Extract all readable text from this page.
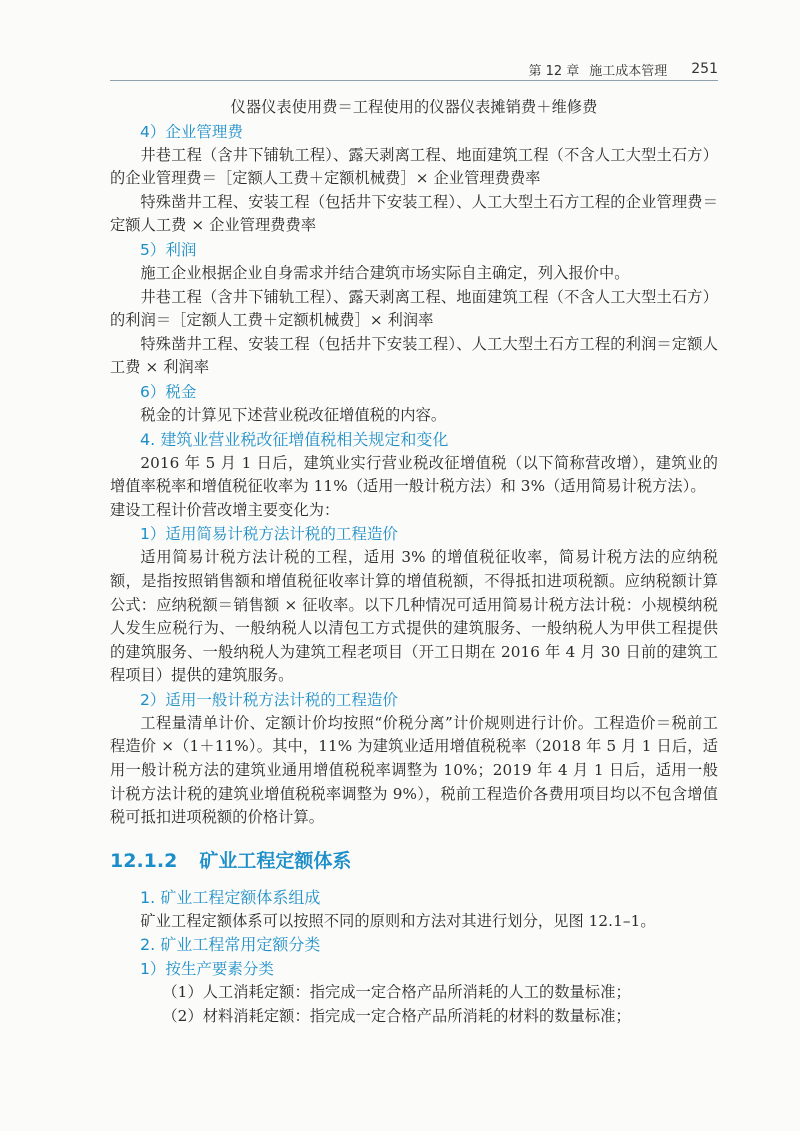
第 12 章 施工成本管理 251

仪器仪表使用费＝工程使用的仪器仪表摊销费＋维修费

4）企业管理费

井巷工程（含井下铺轨工程）、露天剥离工程、地面建筑工程（不含人工大型土石方）的企业管理费＝［定额人工费＋定额机械费］× 企业管理费费率

特殊凿井工程、安装工程（包括井下安装工程）、人工大型土石方工程的企业管理费＝定额人工费 × 企业管理费费率

5）利润

施工企业根据企业自身需求并结合建筑市场实际自主确定，列入报价中。

井巷工程（含井下铺轨工程）、露天剥离工程、地面建筑工程（不含人工大型土石方）的利润＝［定额人工费＋定额机械费］× 利润率

特殊凿井工程、安装工程（包括井下安装工程）、人工大型土石方工程的利润＝定额人工费 × 利润率

6）税金

税金的计算见下述营业税改征增值税的内容。

4. 建筑业营业税改征增值税相关规定和变化

2016 年 5 月 1 日后，建筑业实行营业税改征增值税（以下简称营改增），建筑业的增值率税率和增值税征收率为 11%（适用一般计税方法）和 3%（适用简易计税方法）。

建设工程计价营改增主要变化为：

1）适用简易计税方法计税的工程造价

适用简易计税方法计税的工程，适用 3% 的增值税征收率，简易计税方法的应纳税额，是指按照销售额和增值税征收率计算的增值税额，不得抵扣进项税额。应纳税额计算公式：应纳税额＝销售额 × 征收率。以下几种情况可适用简易计税方法计税：小规模纳税人发生应税行为、一般纳税人以清包工方式提供的建筑服务、一般纳税人为甲供工程提供的建筑服务、一般纳税人为建筑工程老项目（开工日期在 2016 年 4 月 30 日前的建筑工程项目）提供的建筑服务。

2）适用一般计税方法计税的工程造价

工程量清单计价、定额计价均按照“价税分离”计价规则进行计价。工程造价＝税前工程造价 ×（1＋11%）。其中，11% 为建筑业适用增值税税率（2018 年 5 月 1 日后，适用一般计税方法的建筑业通用增值税税率调整为 10%；2019 年 4 月 1 日后，适用一般计税方法计税的建筑业增值税税率调整为 9%），税前工程造价各费用项目均以不包含增值税可抵扣进项税额的价格计算。

12.1.2 矿业工程定额体系
1. 矿业工程定额体系组成

矿业工程定额体系可以按照不同的原则和方法对其进行划分，见图 12.1–1。

2. 矿业工程常用定额分类
1）按生产要素分类

（1）人工消耗定额：指完成一定合格产品所消耗的人工的数量标准；

（2）材料消耗定额：指完成一定合格产品所消耗的材料的数量标准；
